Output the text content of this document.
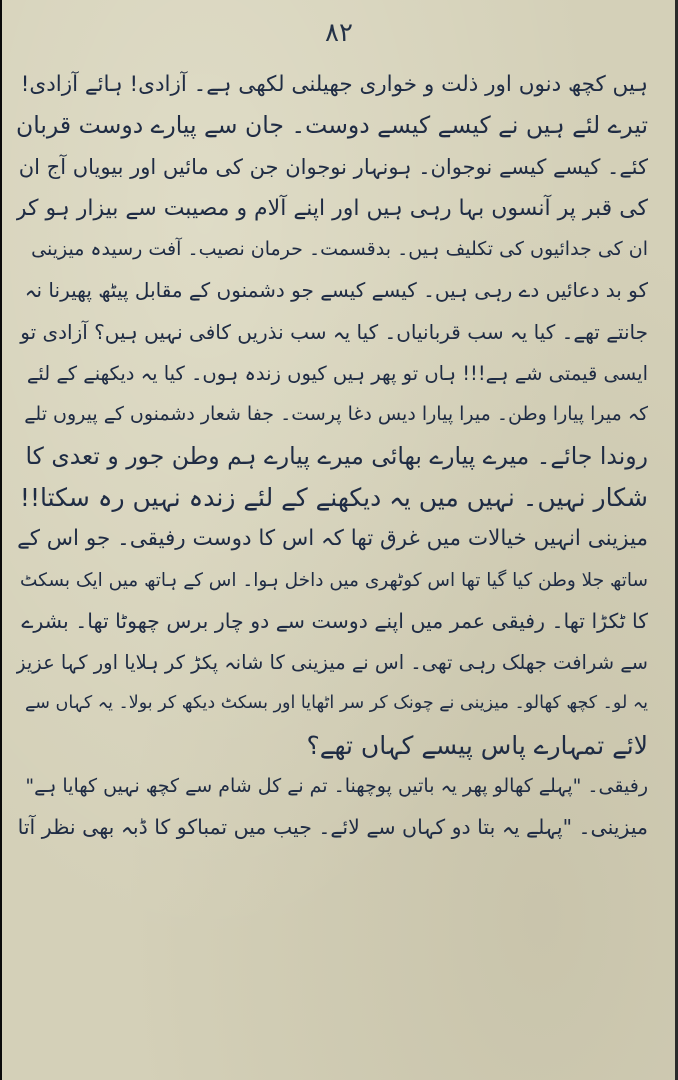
۸۲
ہیں کچھ دنوں اور ذلت و خواری جھیلنی لکھی ہے۔ آزادی! ہائے آزادی!
تیرے لئے ہیں نے کیسے کیسے دوست۔ جان سے پیارے دوست قربان
کئے۔ کیسے کیسے نوجوان۔ ہونہار نوجوان جن کی مائیں اور بیویاں آج ان
کی قبر پر آنسوں بہا رہی ہیں اور اپنے آلام و مصیبت سے بیزار ہو کر
ان کی جدائیوں کی تکلیف ہیں۔ بدقسمت۔ حرمان نصیب۔ آفت رسیدہ میزینی
کو بد دعائیں دے رہی ہیں۔ کیسے کیسے جو دشمنوں کے مقابل پیٹھ پھیرنا نہ
جانتے تھے۔ کیا یہ سب قربانیاں۔ کیا یہ سب نذریں کافی نہیں ہیں؟ آزادی تو
ایسی قیمتی شے ہے!!! ہاں تو پھر ہیں کیوں زندہ ہوں۔ کیا یہ دیکھنے کے لئے
کہ میرا پیارا وطن۔ میرا پیارا دیس دغا پرست۔ جفا شعار دشمنوں کے پیروں تلے
روندا جائے۔ میرے پیارے بھائی میرے پیارے ہم وطن جور و تعدی کا
شکار نہیں۔ نہیں میں یہ دیکھنے کے لئے زندہ نہیں رہ سکتا!!
میزینی انہیں خیالات میں غرق تھا کہ اس کا دوست رفیقی۔ جو اس کے
ساتھ جلا وطن کیا گیا تھا اس کوٹھری میں داخل ہوا۔ اس کے ہاتھ میں ایک بسکٹ
کا ٹکڑا تھا۔ رفیقی عمر میں اپنے دوست سے دو چار برس چھوٹا تھا۔ بشرے
سے شرافت جھلک رہی تھی۔ اس نے میزینی کا شانہ پکڑ کر ہلایا اور کہا عزیز
یہ لو۔ کچھ کھالو۔ میزینی نے چونک کر سر اٹھایا اور بسکٹ دیکھ کر بولا۔ یہ کہاں سے
لائے تمہارے پاس پیسے کہاں تھے؟
رفیقی۔ "پہلے کھالو پھر یہ باتیں پوچھنا۔ تم نے کل شام سے کچھ نہیں کھایا ہے"
میزینی۔ "پہلے یہ بتا دو کہاں سے لائے۔ جیب میں تمباکو کا ڈبہ بھی نظر آتا
